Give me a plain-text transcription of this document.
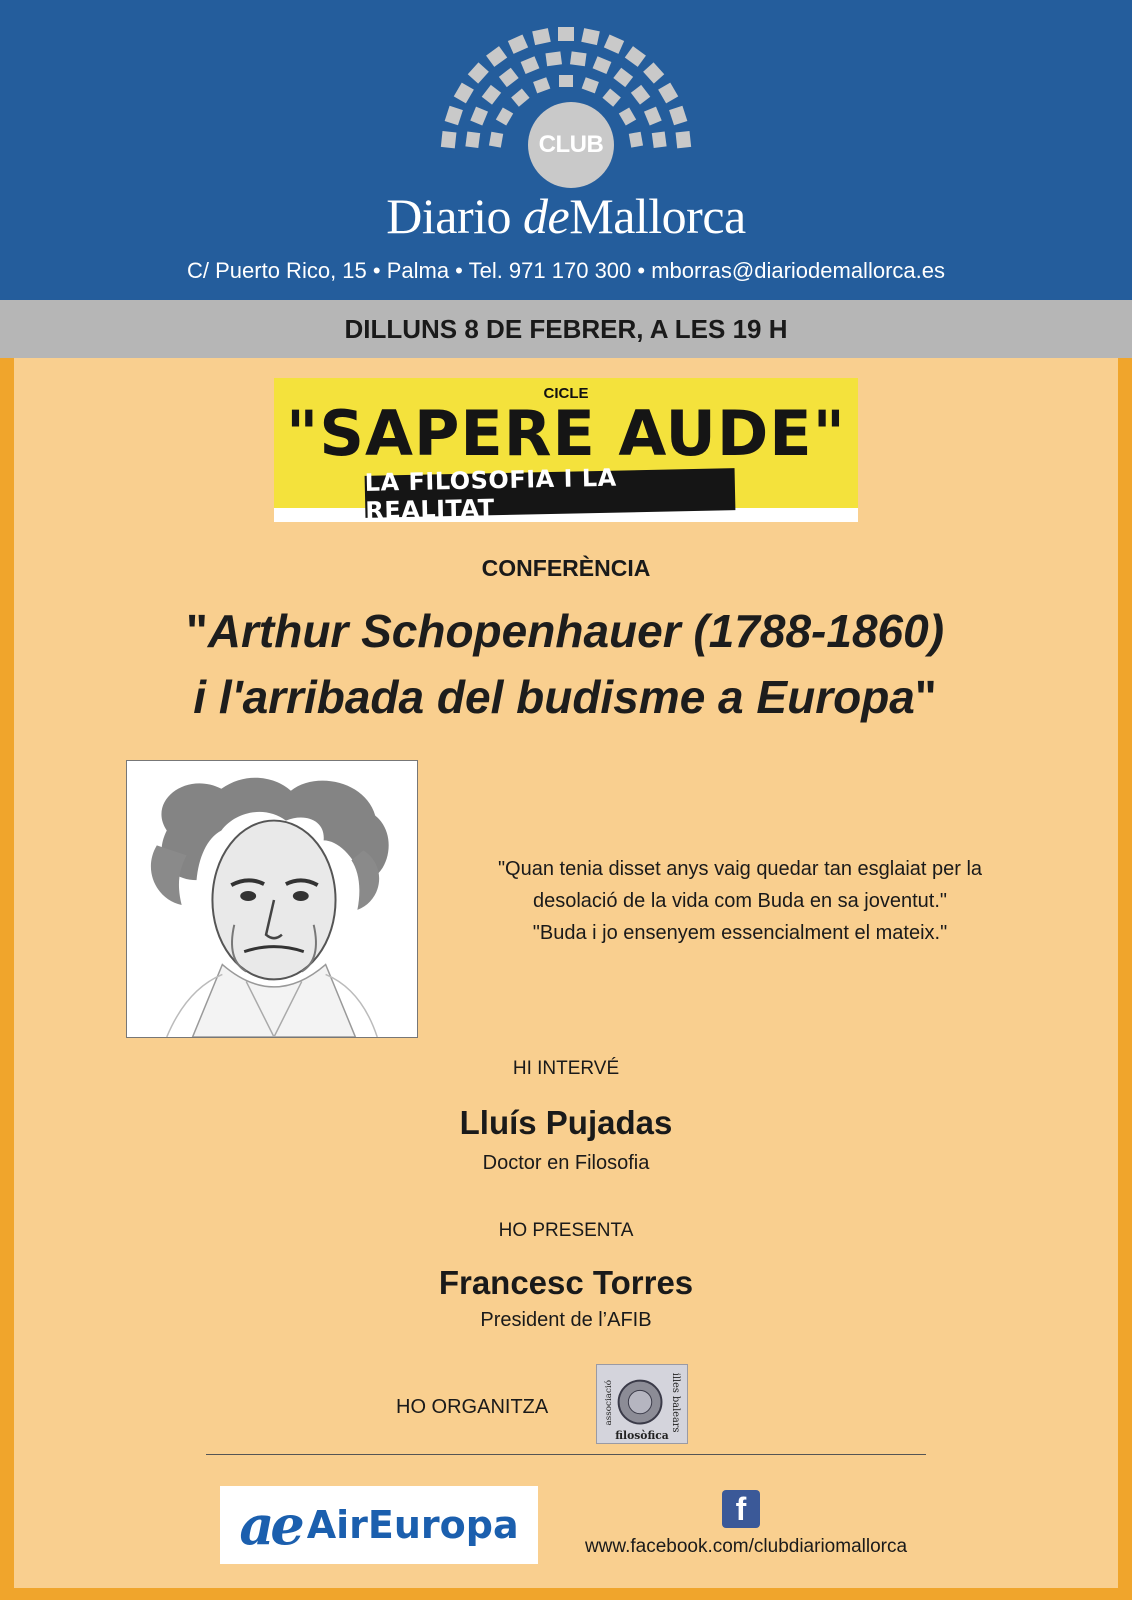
CLUB
Diario deMallorca
C/ Puerto Rico, 15 • Palma • Tel. 971 170 300 • mborras@diariodemallorca.es
DILLUNS 8 DE FEBRER, A LES 19 H
CICLE
"SAPERE AUDE"
LA FILOSOFIA I LA REALITAT
CONFERÈNCIA
"Arthur Schopenhauer (1788-1860)
i l'arribada del budisme a Europa"
"Quan tenia disset anys vaig quedar tan esglaiat per la
desolació de la vida com Buda en sa joventut."
"Buda i jo ensenyem essencialment el mateix."
HI INTERVÉ
Lluís Pujadas
Doctor en Filosofia
HO PRESENTA
Francesc Torres
President de l’AFIB
HO ORGANITZA	illes balears
associació
filosòfica
ae AirEuropa	f
www.facebook.com/clubdiariomallorca
